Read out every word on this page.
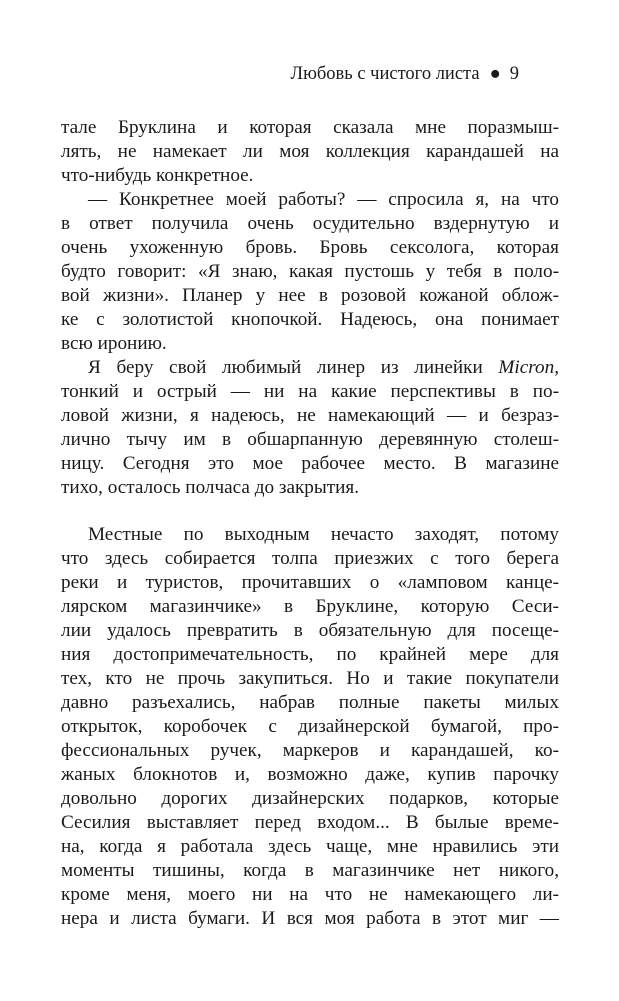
Любовь с чистого листа ● 9
тале Бруклина и которая сказала мне поразмыш-
лять, не намекает ли моя коллекция карандашей на
что-нибудь конкретное.
— Конкретнее моей работы? — спросила я, на что
в ответ получила очень осудительно вздернутую и
очень ухоженную бровь. Бровь сексолога, которая
будто говорит: «Я знаю, какая пустошь у тебя в поло-
вой жизни». Планер у нее в розовой кожаной облож-
ке с золотистой кнопочкой. Надеюсь, она понимает
всю иронию.
Я беру свой любимый линер из линейки Micron,
тонкий и острый — ни на какие перспективы в по-
ловой жизни, я надеюсь, не намекающий — и безраз-
лично тычу им в обшарпанную деревянную столеш-
ницу. Сегодня это мое рабочее место. В магазине
тихо, осталось полчаса до закрытия.
Местные по выходным нечасто заходят, потому
что здесь собирается толпа приезжих с того берега
реки и туристов, прочитавших о «ламповом канце-
лярском магазинчике» в Бруклине, которую Сеси-
лии удалось превратить в обязательную для посеще-
ния достопримечательность, по крайней мере для
тех, кто не прочь закупиться. Но и такие покупатели
давно разъехались, набрав полные пакеты милых
открыток, коробочек с дизайнерской бумагой, про-
фессиональных ручек, маркеров и карандашей, ко-
жаных блокнотов и, возможно даже, купив парочку
довольно дорогих дизайнерских подарков, которые
Сесилия выставляет перед входом... В былые време-
на, когда я работала здесь чаще, мне нравились эти
моменты тишины, когда в магазинчике нет никого,
кроме меня, моего ни на что не намекающего ли-
нера и листа бумаги. И вся моя работа в этот миг —
